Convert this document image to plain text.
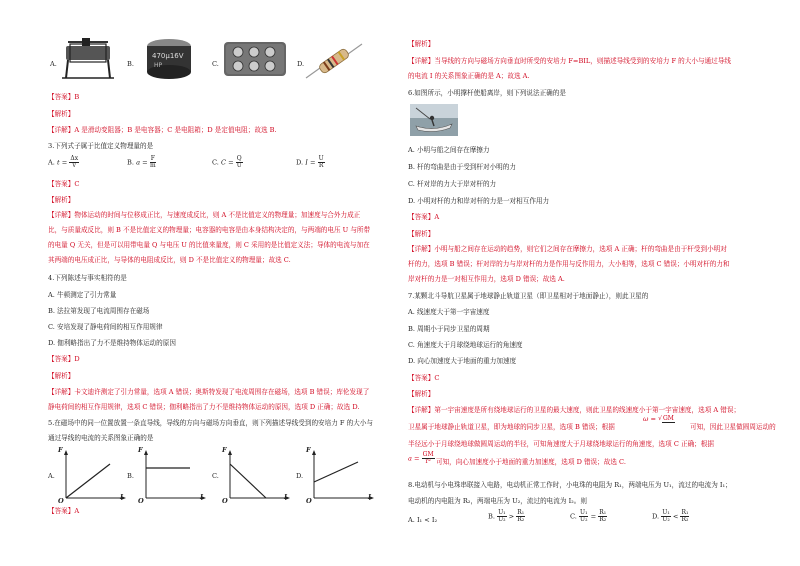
A.	B.
470μ16V
HP	C.	D.
【答案】B
【解析】
【详解】A 是滑动变阻器；B 是电容器；C 是电阻箱；D 是定值电阻；故选 B.
3.下列式子属于比值定义物理量的是
A. $t = \frac{\Delta x}{v}$	B. $a = \frac{F}{m}$	C. $C = \frac{Q}{U}$	D. $I = \frac{U}{R}$
【答案】C
【解析】
【详解】物体运动的时间与位移成正比，与速度成反比，则 A 不是比值定义的物理量；加速度与合外力成正
比，与质量成反比，则 B 不是比值定义的物理量；电容器的电容是由本身结构决定的，与两端的电压 U 与所带
的电量 Q 无关，但是可以用带电量 Q 与电压 U 的比值来量度，则 C 采用的是比值定义法；导体的电流与加在
其两端的电压成正比，与导体的电阻成反比，则 D 不是比值定义的物理量；故选 C.
4.下列陈述与事实相符的是
A. 牛顿测定了引力常量
B. 法拉第发现了电流周围存在磁场
C. 安培发现了静电荷间的相互作用规律
D. 伽利略指出了力不是维持物体运动的原因
【答案】D
【解析】
【详解】卡文迪许测定了引力常量，选项 A 错误；奥斯特发现了电流周围存在磁场，选项 B 错误；库伦发现了
静电荷间的相互作用规律，选项 C 错误；伽利略指出了力不是维持物体运动的原因，选项 D 正确；故选 D.
5.在磁场中的同一位置放置一条直导线，导线的方向与磁场方向垂直，则下列描述导线受到的安培力 F 的大小与
通过导线的电流的关系图象正确的是
A.
F
O	I
B.
F
O	I
C.
F
O	I
D.
F
O	I
【答案】A
【解析】
【详解】当导线的方向与磁场方向垂直时所受的安培力 F=BIL，则描述导线受到的安培力 F 的大小与通过导线
的电流 I 的关系图象正确的是 A；故选 A.
6.如图所示，小明撑杆使船离岸，则下列说法正确的是
A. 小明与船之间存在摩擦力
B. 杆的弯曲是由于受到杆对小明的力
C. 杆对岸的力大于岸对杆的力
D. 小明对杆的力和岸对杆的力是一对相互作用力
【答案】A
【解析】
【详解】小明与船之间存在运动的趋势，则它们之间存在摩擦力，选项 A 正确；杆的弯曲是由于杆受到小明对
杆的力，选项 B 错误；杆对岸的力与岸对杆的力是作用与反作用力，大小相等，选项 C 错误；小明对杆的力和
岸对杆的力是一对相互作用力，选项 D 错误；故选 A.
7.某颗北斗导航卫星属于地球静止轨道卫星（即卫星相对于地面静止），则此卫星的
A. 线速度大于第一宇宙速度
B. 周期小于同步卫星的周期
C. 角速度大于月球绕地球运行的角速度
D. 向心加速度大于地面的重力加速度
【答案】C
【解析】
【详解】第一宇宙速度是所有绕地球运行的卫星的最大速度，则此卫星的线速度小于第一宇宙速度，选项 A 错误；
卫星属于地球静止轨道卫星，即为地球的同步卫星，选项 B 错误；根据
ω = √GM
可知，因此卫星做圆周运动的
半径远小于月球绕地球做圆周运动的半径，可知角速度大于月球绕地球运行的角速度，选项 C 正确；根据
$a = \frac{GM}{\text{r²}}$ 可知，向心加速度小于地面的重力加速度，选项 D 错误；故选 C.
8.电动机与小电珠串联接入电路，电动机正常工作时，小电珠的电阻为 R₁，两端电压为 U₁，流过的电流为 I₁；
电动机的内电阻为 R₂，两端电压为 U₂，流过的电流为 I₂。则
A. I₁ < I₂	B. $\frac{\text{U₁}}{\text{U₂}} > \frac{\text{R₁}}{\text{R₂}}$	C. $\frac{\text{U₁}}{\text{U₂}} = \frac{\text{R₁}}{\text{R₂}}$	D. $\frac{\text{U₁}}{\text{U₂}} < \frac{\text{R₁}}{\text{R₂}}$
